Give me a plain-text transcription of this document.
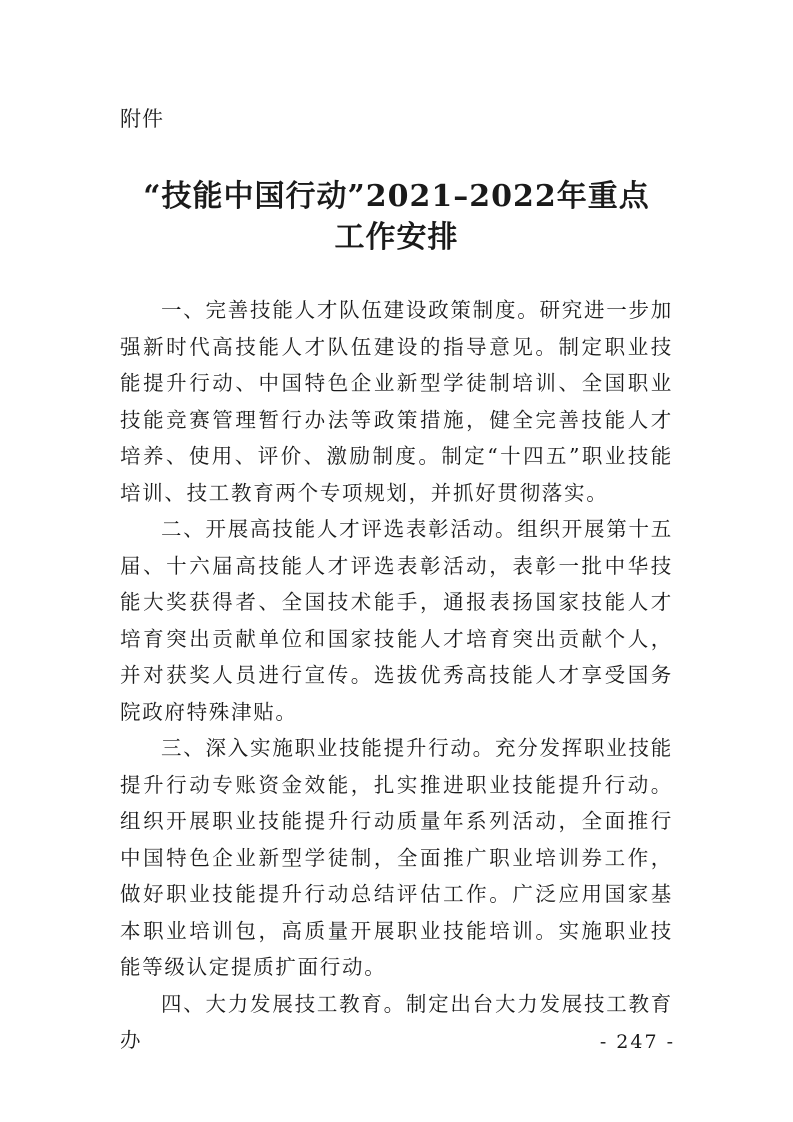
附件
“技能中国行动”2021–2022年重点
工作安排

一、完善技能人才队伍建设政策制度。研究进一步加强新时代高技能人才队伍建设的指导意见。制定职业技能提升行动、中国特色企业新型学徒制培训、全国职业技能竞赛管理暂行办法等政策措施，健全完善技能人才培养、使用、评价、激励制度。制定“十四五”职业技能培训、技工教育两个专项规划，并抓好贯彻落实。

二、开展高技能人才评选表彰活动。组织开展第十五届、十六届高技能人才评选表彰活动，表彰一批中华技能大奖获得者、全国技术能手，通报表扬国家技能人才培育突出贡献单位和国家技能人才培育突出贡献个人，并对获奖人员进行宣传。选拔优秀高技能人才享受国务院政府特殊津贴。

三、深入实施职业技能提升行动。充分发挥职业技能提升行动专账资金效能，扎实推进职业技能提升行动。组织开展职业技能提升行动质量年系列活动，全面推行中国特色企业新型学徒制，全面推广职业培训券工作，做好职业技能提升行动总结评估工作。广泛应用国家基本职业培训包，高质量开展职业技能培训。实施职业技能等级认定提质扩面行动。

四、大力发展技工教育。制定出台大力发展技工教育办	- 247 -
